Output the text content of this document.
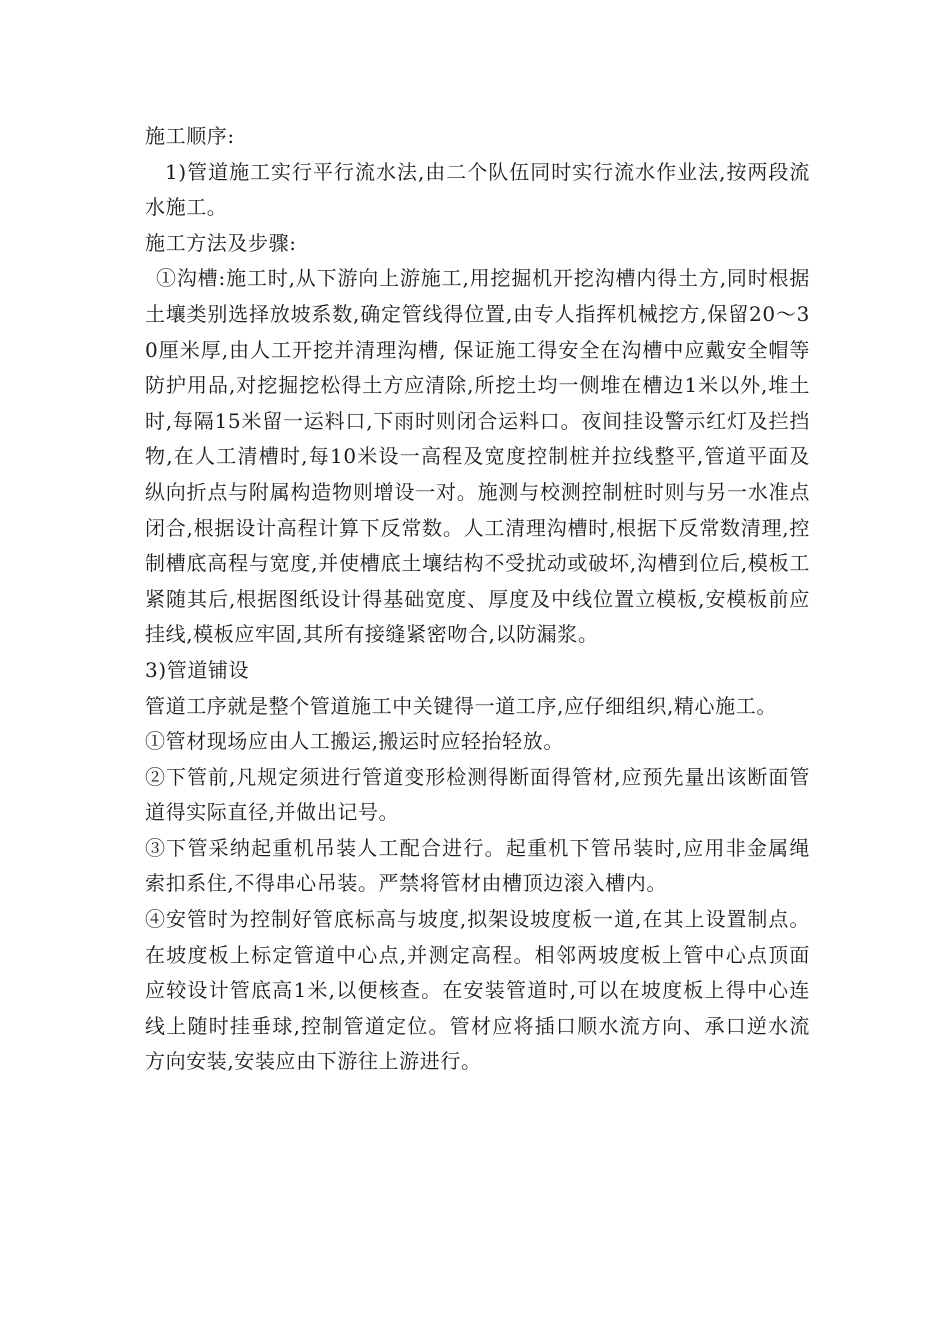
施工顺序:

1)管道施工实行平行流水法,由二个队伍同时实行流水作业法,按两段流水施工。

施工方法及步骤:

①沟槽:施工时,从下游向上游施工,用挖掘机开挖沟槽内得土方,同时根据土壤类别选择放坡系数,确定管线得位置,由专人指挥机械挖方,保留20～30厘米厚,由人工开挖并清理沟槽, 保证施工得安全在沟槽中应戴安全帽等防护用品,对挖掘挖松得土方应清除,所挖土均一侧堆在槽边1米以外,堆土时,每隔15米留一运料口,下雨时则闭合运料口。夜间挂设警示红灯及拦挡物,在人工清槽时,每10米设一高程及宽度控制桩并拉线整平,管道平面及纵向折点与附属构造物则增设一对。施测与校测控制桩时则与另一水准点闭合,根据设计高程计算下反常数。人工清理沟槽时,根据下反常数清理,控制槽底高程与宽度,并使槽底土壤结构不受扰动或破坏,沟槽到位后,模板工紧随其后,根据图纸设计得基础宽度、厚度及中线位置立模板,安模板前应挂线,模板应牢固,其所有接缝紧密吻合,以防漏浆。

3)管道铺设

管道工序就是整个管道施工中关键得一道工序,应仔细组织,精心施工。

①管材现场应由人工搬运,搬运时应轻抬轻放。

②下管前,凡规定须进行管道变形检测得断面得管材,应预先量出该断面管道得实际直径,并做出记号。

③下管采纳起重机吊装人工配合进行。起重机下管吊装时,应用非金属绳索扣系住,不得串心吊装。严禁将管材由槽顶边滚入槽内。

④安管时为控制好管底标高与坡度,拟架设坡度板一道,在其上设置制点。在坡度板上标定管道中心点,并测定高程。相邻两坡度板上管中心点顶面应较设计管底高1米,以便核查。在安装管道时,可以在坡度板上得中心连线上随时挂垂球,控制管道定位。管材应将插口顺水流方向、承口逆水流方向安装,安装应由下游往上游进行。
